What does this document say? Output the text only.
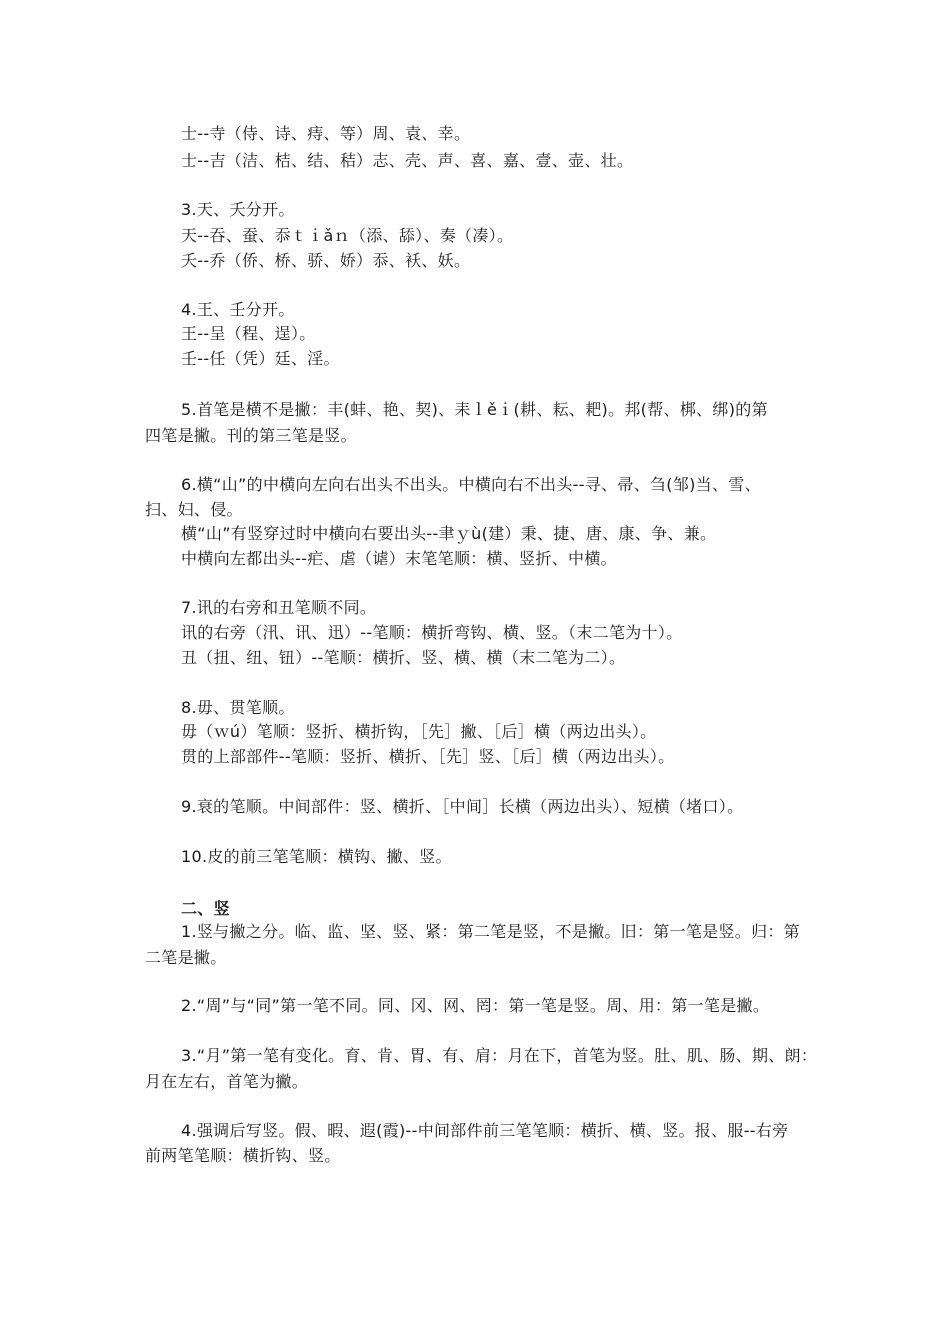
士--寺（侍、诗、痔、等）周、袁、幸。
士--吉（洁、桔、结、秸）志、壳、声、喜、嘉、壹、壶、壮。
3.天、夭分开。
天--吞、蚕、忝ｔｉǎｎ（添、舔）、奏（凑）。
夭--乔（侨、桥、骄、娇）忝、袄、妖。
4.王、壬分开。
王--呈（程、逞）。
壬--任（凭）廷、淫。
5.首笔是横不是撇：丰(蚌、艳、契)、耒ｌěｉ(耕、耘、耙)。邦(帮、梆、绑)的第
四笔是撇。刊的第三笔是竖。
6.横“山”的中横向左向右出头不出头。中横向右不出头--寻、帚、刍(邹)当、雪、
扫、妇、侵。
横“山”有竖穿过时中横向右要出头--聿ｙù(建）秉、捷、唐、康、争、兼。
中横向左都出头--疟、虐（谑）末笔笔顺：横、竖折、中横。
7.讯的右旁和丑笔顺不同。
讯的右旁（汛、讯、迅）--笔顺：横折弯钩、横、竖。（末二笔为十）。
丑（扭、纽、钮）--笔顺：横折、竖、横、横（末二笔为二）。
8.毋、贯笔顺。
毋（ｗú）笔顺：竖折、横折钩，［先］撇、［后］横（两边出头）。
贯的上部部件--笔顺：竖折、横折、［先］竖、［后］横（两边出头）。
9.衰的笔顺。中间部件：竖、横折、［中间］长横（两边出头）、短横（堵口）。
10.皮的前三笔笔顺：横钩、撇、竖。
二、竖
1.竖与撇之分。临、监、坚、竖、紧：第二笔是竖，不是撇。旧：第一笔是竖。归：第
二笔是撇。
2.“周”与“同”第一笔不同。同、冈、网、罔：第一笔是竖。周、用：第一笔是撇。
3.“月”第一笔有变化。育、肯、胃、有、肩：月在下，首笔为竖。肚、肌、肠、期、朗：
月在左右，首笔为撇。
4.强调后写竖。假、暇、遐(霞)--中间部件前三笔笔顺：横折、横、竖。报、服--右旁
前两笔笔顺：横折钩、竖。
